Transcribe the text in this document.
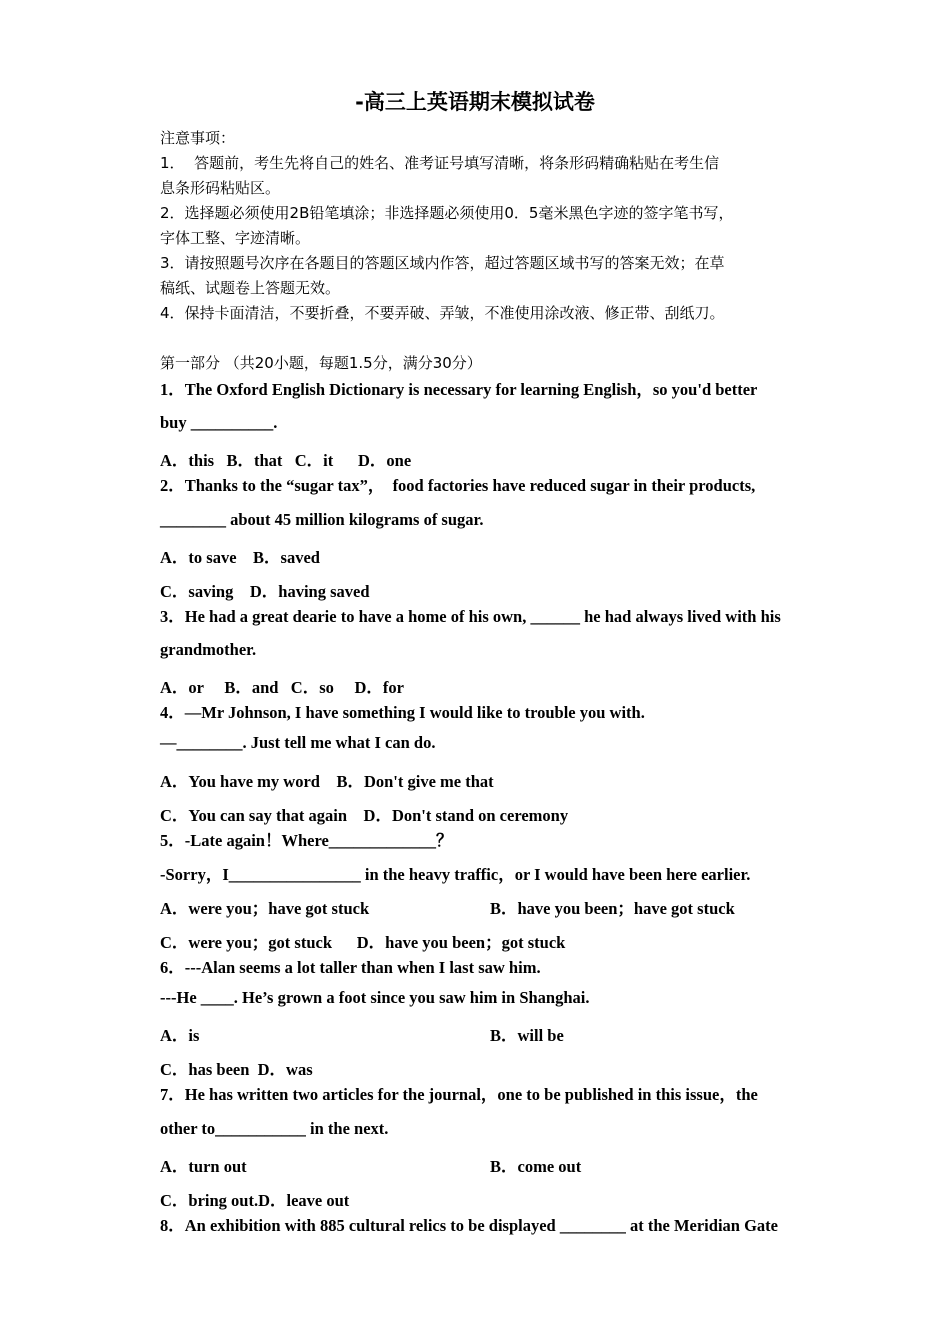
-高三上英语期末模拟试卷
注意事项：
1．  答题前，考生先将自己的姓名、准考证号填写清晰，将条形码精确粘贴在考生信
息条形码粘贴区。
2．选择题必须使用2B铅笔填涂；非选择题必须使用0．5毫米黑色字迹的签字笔书写，
字体工整、字迹清晰。
3．请按照题号次序在各题目的答题区域内作答，超过答题区域书写的答案无效；在草
稿纸、试题卷上答题无效。
4．保持卡面清洁，不要折叠，不要弄破、弄皱，不准使用涂改液、修正带、刮纸刀。
第一部分 （共20小题，每题1.5分，满分30分）
1．The Oxford English Dictionary is necessary for learning English，so you'd better
buy __________.
A．this   B．that   C．it      D．one
2．Thanks to the “sugar tax”，  food factories have reduced sugar in their products,
________ about 45 million kilograms of sugar.
A．to save    B．saved
C．saving    D．having saved
3．He had a great dearie to have a home of his own, ______ he had always lived with his
grandmother.
A．or     B．and   C．so     D．for
4．—Mr Johnson, I have something I would like to trouble you with.
—________. Just tell me what I can do.
A．You have my word    B．Don't give me that
C．You can say that again    D．Don't stand on ceremony
5．-Late again！Where_____________？
-Sorry，I________________ in the heavy traffic，or I would have been here earlier.
A．were you；have got stuck	B．have you been；have got stuck
C．were you；got stuck      D．have you been；got stuck
6．---Alan seems a lot taller than when I last saw him.
---He ____. He’s grown a foot since you saw him in Shanghai.
A．is	B．will be
C．has been  D．was
7．He has written two articles for the journal，one to be published in this issue，the
other to___________ in the next.
A．turn out	B．come out
C．bring out.D．leave out
8．An exhibition with 885 cultural relics to be displayed ________ at the Meridian Gate
